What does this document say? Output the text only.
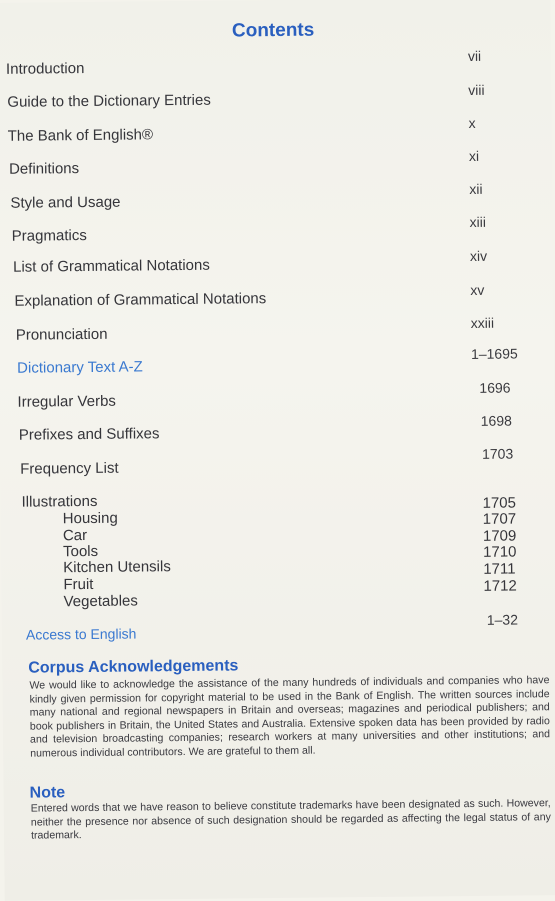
Contents
Introduction
vii
Guide to the Dictionary Entries
viii
The Bank of English®
x
Definitions
xi
Style and Usage
xii
Pragmatics
xiii
List of Grammatical Notations
xiv
Explanation of Grammatical Notations
xv
Pronunciation
xxiii
Dictionary Text A-Z
1–1695
Irregular Verbs
1696
Prefixes and Suffixes
1698
Frequency List
1703
Illustrations
Housing
1705
Car
1707
Tools
1709
Kitchen Utensils
1710
Fruit
1711
Vegetables
1712
Access to English
1–32
Corpus Acknowledgements
We would like to acknowledge the assistance of the many hundreds of individuals and companies who have kindly given permission for copyright material to be used in the Bank of English. The written sources include many national and regional newspapers in Britain and overseas; magazines and periodical publishers; and book publishers in Britain, the United States and Australia. Extensive spoken data has been provided by radio and television broadcasting companies; research workers at many universities and other institutions; and numerous individual contributors. We are grateful to them all.
Note
Entered words that we have reason to believe constitute trademarks have been designated as such. However, neither the presence nor absence of such designation should be regarded as affecting the legal status of any trademark.
